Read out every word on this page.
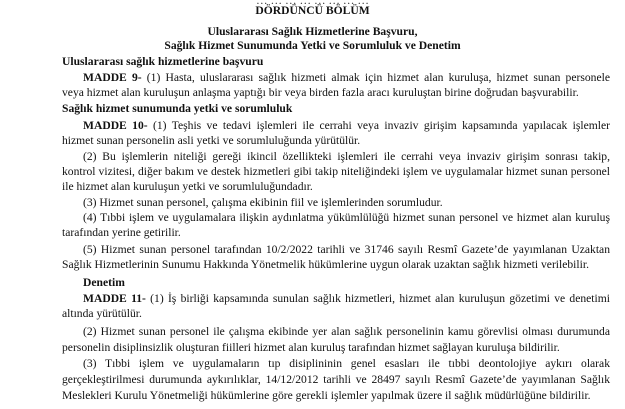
… … … … … … … …
DÖRDÜNCÜ BÖLÜM
Uluslararası Sağlık Hizmetlerine Başvuru,
Sağlık Hizmet Sunumunda Yetki ve Sorumluluk ve Denetim
Uluslararası sağlık hizmetlerine başvuru
MADDE 9- (1) Hasta, uluslararası sağlık hizmeti almak için hizmet alan kuruluşa, hizmet sunan personele
veya hizmet alan kuruluşun anlaşma yaptığı bir veya birden fazla aracı kuruluştan birine doğrudan başvurabilir.
Sağlık hizmet sunumunda yetki ve sorumluluk
MADDE 10- (1) Teşhis ve tedavi işlemleri ile cerrahi veya invaziv girişim kapsamında yapılacak işlemler
hizmet sunan personelin asli yetki ve sorumluluğunda yürütülür.
(2) Bu işlemlerin niteliği gereği ikincil özellikteki işlemleri ile cerrahi veya invaziv girişim sonrası takip,
kontrol vizitesi, diğer bakım ve destek hizmetleri gibi takip niteliğindeki işlem ve uygulamalar hizmet sunan personel
ile hizmet alan kuruluşun yetki ve sorumluluğundadır.
(3) Hizmet sunan personel, çalışma ekibinin fiil ve işlemlerinden sorumludur.
(4) Tıbbi işlem ve uygulamalara ilişkin aydınlatma yükümlülüğü hizmet sunan personel ve hizmet alan kuruluş
tarafından yerine getirilir.
(5) Hizmet sunan personel tarafından 10/2/2022 tarihli ve 31746 sayılı Resmî Gazete’de yayımlanan Uzaktan
Sağlık Hizmetlerinin Sunumu Hakkında Yönetmelik hükümlerine uygun olarak uzaktan sağlık hizmeti verilebilir.
Denetim
MADDE 11- (1) İş birliği kapsamında sunulan sağlık hizmetleri, hizmet alan kuruluşun gözetimi ve denetimi
altında yürütülür.
(2) Hizmet sunan personel ile çalışma ekibinde yer alan sağlık personelinin kamu görevlisi olması durumunda
personelin disiplinsizlik oluşturan fiilleri hizmet alan kuruluş tarafından hizmet sağlayan kuruluşa bildirilir.
(3) Tıbbi işlem ve uygulamaların tıp disiplininin genel esasları ile tıbbi deontolojiye aykırı olarak
gerçekleştirilmesi durumunda aykırılıklar, 14/12/2012 tarihli ve 28497 sayılı Resmî Gazete’de yayımlanan Sağlık
Meslekleri Kurulu Yönetmeliği hükümlerine göre gerekli işlemler yapılmak üzere il sağlık müdürlüğüne bildirilir.
